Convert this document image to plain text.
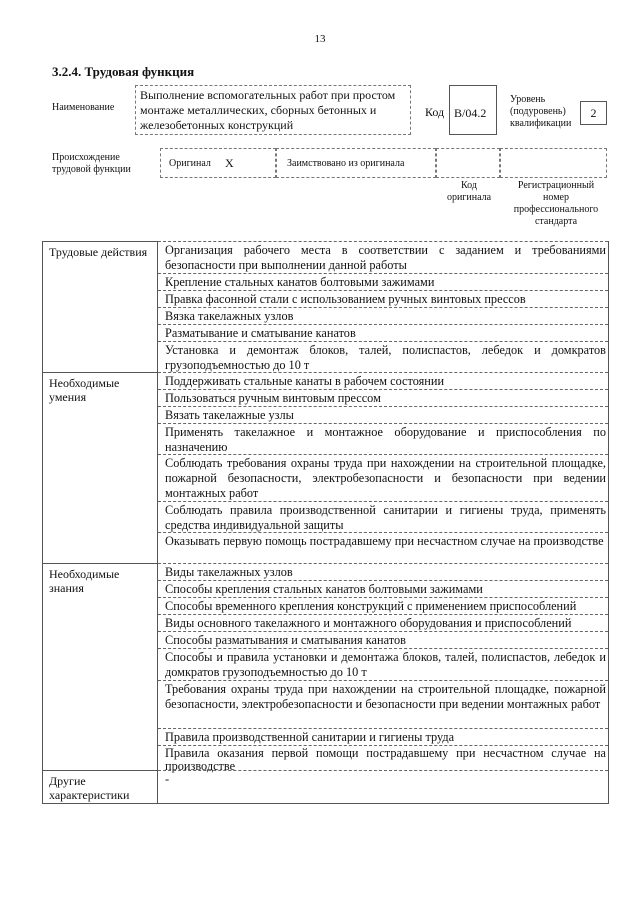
13
3.2.4. Трудовая функция
Наименование
Выполнение вспомогательных работ при простом монтаже металлических, сборных бетонных и железобетонных конструкций
Код В/04.2
Уровень (подуровень) квалификации
2
Происхождение трудовой функции
Оригинал X	Заимствовано из оригинала
Код оригинала
Регистрационный номер профессионального стандарта
Трудовые действия	Организация рабочего места в соответствии с заданием и требованиями безопасности при выполнении данной работы
Крепление стальных канатов болтовыми зажимами
Правка фасонной стали с использованием ручных винтовых прессов
Вязка такелажных узлов
Разматывание и сматывание канатов
Установка и демонтаж блоков, талей, полиспастов, лебедок и домкратов грузоподъемностью до 10 т
Необходимые умения
Поддерживать стальные канаты в рабочем состоянии
Пользоваться ручным винтовым прессом
Вязать такелажные узлы
Применять такелажное и монтажное оборудование и приспособления по назначению
Соблюдать требования охраны труда при нахождении на строительной площадке, пожарной безопасности, электробезопасности и безопасности при ведении монтажных работ
Соблюдать правила производственной санитарии и гигиены труда, применять средства индивидуальной защиты
Оказывать первую помощь пострадавшему при несчастном случае на производстве
Необходимые знания
Виды такелажных узлов
Способы крепления стальных канатов болтовыми зажимами
Способы временного крепления конструкций с применением приспособлений
Виды основного такелажного и монтажного оборудования и приспособлений
Способы разматывания и сматывания канатов
Способы и правила установки и демонтажа блоков, талей, полиспастов, лебедок и домкратов грузоподъемностью до 10 т
Требования охраны труда при нахождении на строительной площадке, пожарной безопасности, электробезопасности и безопасности при ведении монтажных работ
Правила производственной санитарии и гигиены труда
Правила оказания первой помощи пострадавшему при несчастном случае на производстве
Другие характеристики
-
